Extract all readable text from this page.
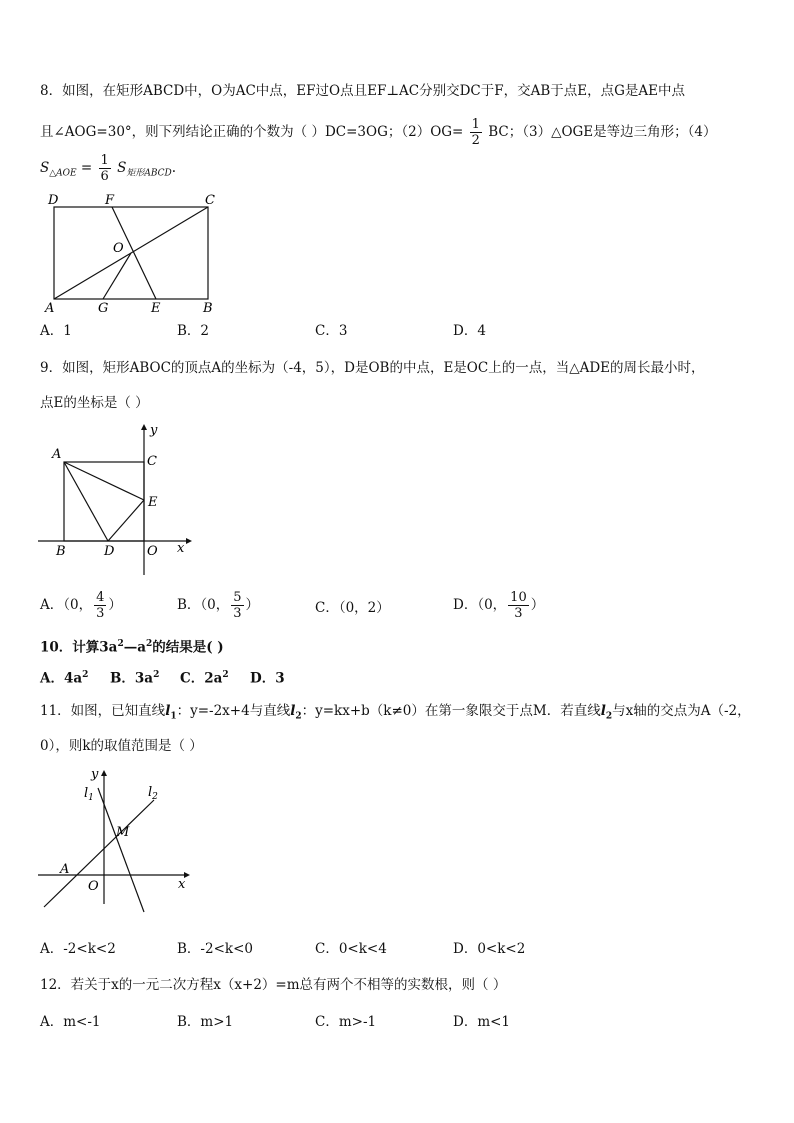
8．如图，在矩形ABCD中，O为AC中点，EF过O点且EF⊥AC分别交DC于F，交AB于点E，点G是AE中点
且∠AOG=30°，则下列结论正确的个数为（ ）DC=3OG；$(2)OG= \frac{1}{2}$ BC；（3）△OGE是等边三角形；（4）
$S_{\triangle AOE} = \frac{1}{6} S_{矩形ABCD}$.
D	F	C
O
A	G	E	B
A．1	B．2	C．3	D．4
9．如图，矩形ABOC的顶点A的坐标为（-4，5），D是OB的中点，E是OC上的一点，当△ADE的周长最小时，
点E的坐标是（ ）
y
A	C
E
B	D	O x
A．（0， $\frac{4}{3}$ ）	B．（0， $\frac{5}{3}$ ）	C．（0，2）	D．（0， $\frac{10}{3}$ ）
10．计算$3a^2—a^2$的结果是( )
A．$4a^2$ B．$3a^2$ C．$2a^2$ D．3
11．如图，已知直线$l_1$：y=-2x+4与直线$l_2$：y=kx+b（k≠0）在第一象限交于点M．若直线$l_2$与x轴的交点为A（-2，
0），则k的取值范围是（ ）
y
$l_1$	$l_2$
M
A
O	x
A．-2<k<2	B．-2<k<0	C．0<k<4	D．0<k<2
12．若关于x的一元二次方程x（x+2）=m总有两个不相等的实数根，则（ ）
A．m<-1	B．m>1	C．m>-1	D．m<1
